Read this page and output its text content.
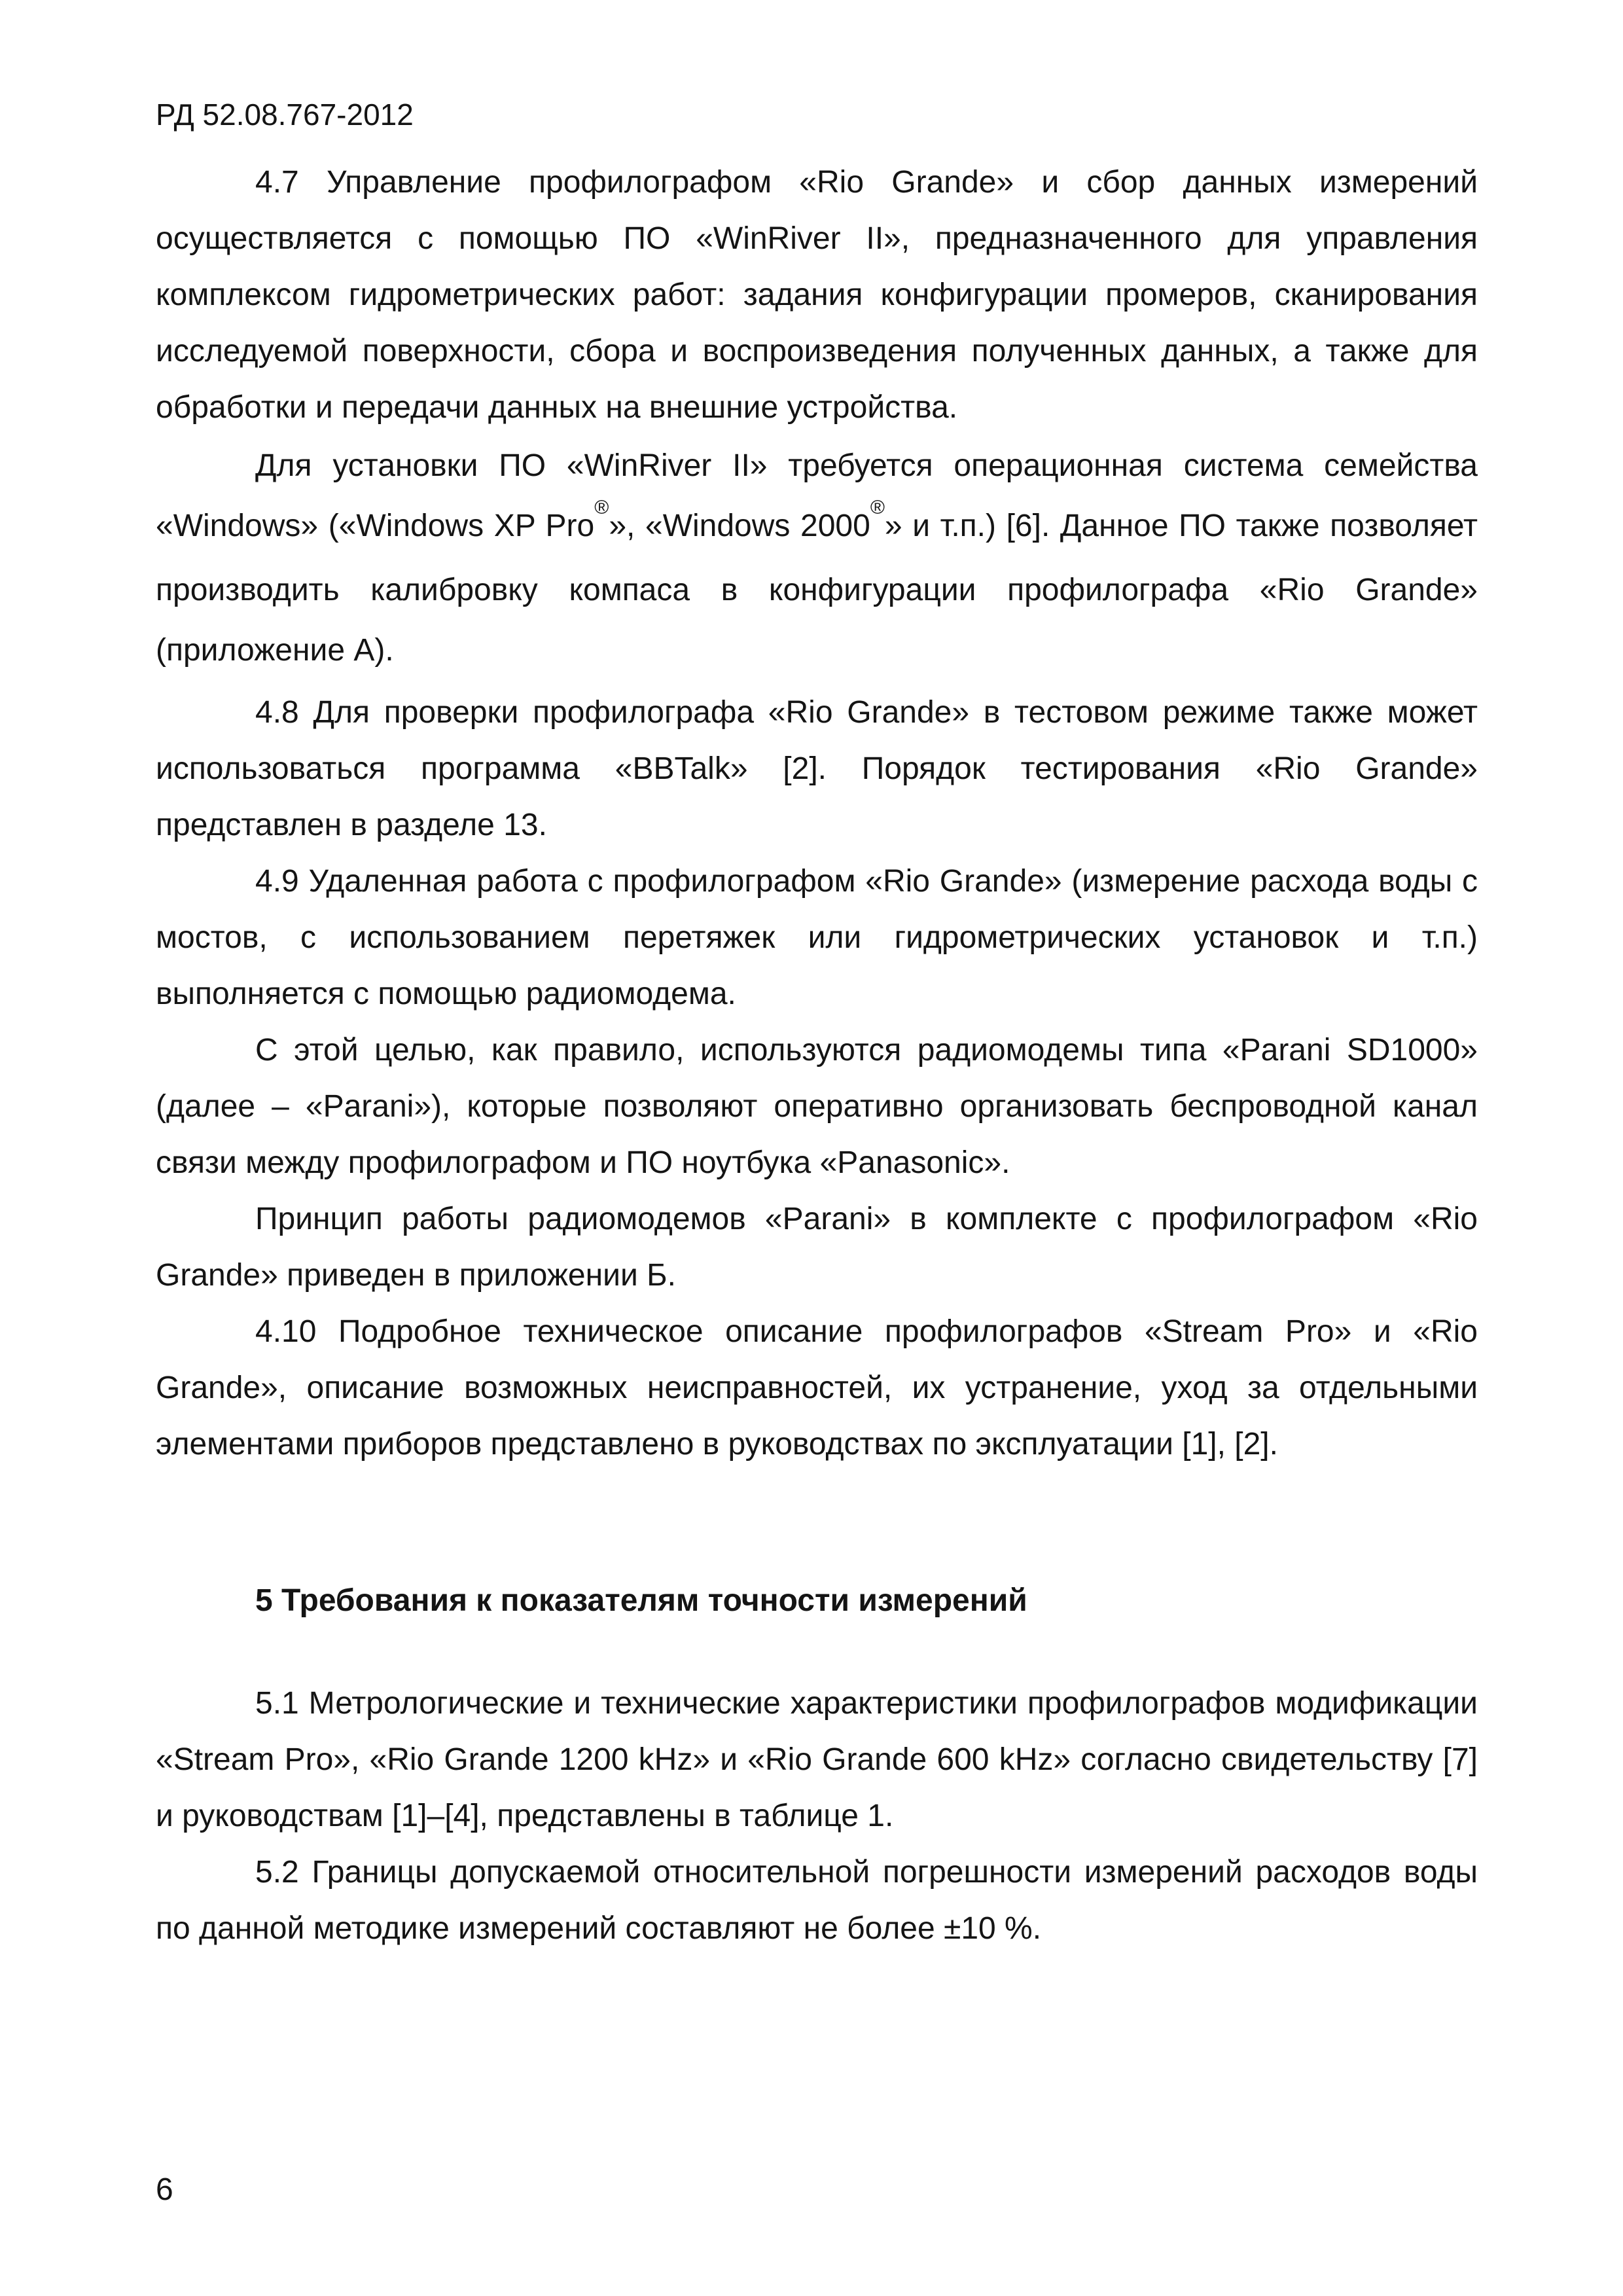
РД 52.08.767-2012

4.7 Управление профилографом «Rio Grande» и сбор данных измерений осуществляется с помощью ПО «WinRiver II», предназначенного для управления комплексом гидрометрических работ: задания конфигурации промеров, сканирования исследуемой поверхности, сбора и воспроизведения полученных данных, а также для обработки и передачи данных на внешние устройства.

Для установки ПО «WinRiver II» требуется операционная система семейства «Windows» («Windows XP Pro®», «Windows 2000®» и т.п.) [6]. Данное ПО также позволяет производить калибровку компаса в конфигурации профилографа «Rio Grande» (приложение А).

4.8 Для проверки профилографа «Rio Grande» в тестовом режиме также может использоваться программа «BBTalk» [2]. Порядок тестирования «Rio Grande» представлен в разделе 13.

4.9 Удаленная работа с профилографом «Rio Grande» (измерение расхода воды с мостов, с использованием перетяжек или гидрометрических установок и т.п.) выполняется с помощью радиомодема.

С этой целью, как правило, используются радиомодемы типа «Parani SD1000» (далее – «Parani»), которые позволяют оперативно организовать беспроводной канал связи между профилографом и ПО ноутбука «Panasonic».

Принцип работы радиомодемов «Parani» в комплекте с профилографом «Rio Grande» приведен в приложении Б.

4.10 Подробное техническое описание профилографов «Stream Pro» и «Rio Grande», описание возможных неисправностей, их устранение, уход за отдельными элементами приборов представлено в руководствах по эксплуатации [1], [2].

5 Требования к показателям точности измерений

5.1 Метрологические и технические характеристики профилографов модификации «Stream Pro», «Rio Grande 1200 kHz» и «Rio Grande 600 kHz» согласно свидетельству [7] и руководствам [1]–[4], представлены в таблице 1.

5.2 Границы допускаемой относительной погрешности измерений расходов воды по данной методике измерений составляют не более ±10 %.

6
